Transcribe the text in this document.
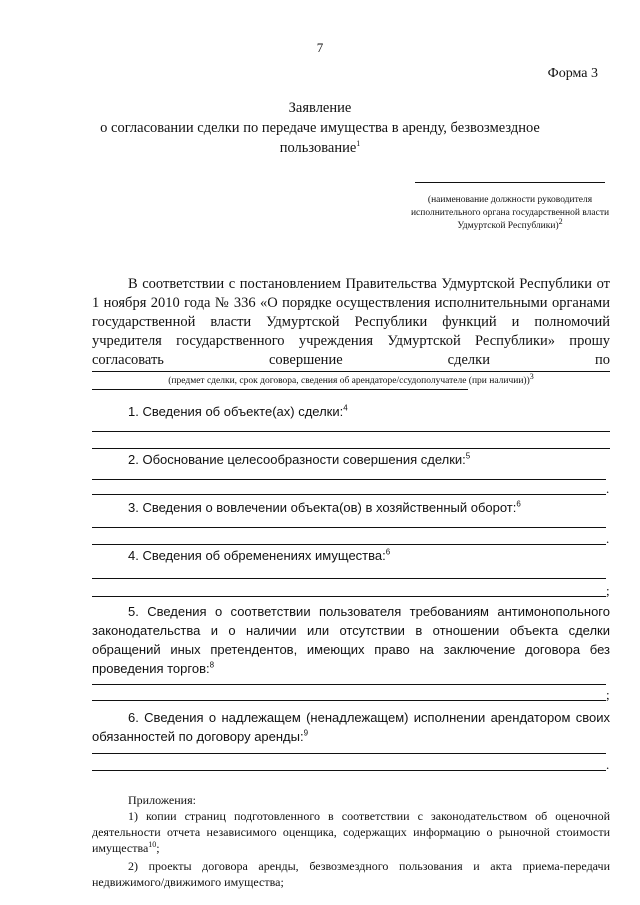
7
Форма 3
Заявление
о согласовании сделки по передаче имущества в аренду, безвозмездное
пользование$^1$
(наименование должности руководителя исполнительного органа государственной власти Удмуртской Республики)$^2$
В соответствии с постановлением Правительства Удмуртской Республики от 1 ноября 2010 года № 336 «О порядке осуществления исполнительными органами государственной власти Удмуртской Республики функций и полномочий учредителя государственного учреждения Удмуртской Республики» прошу согласовать совершение сделки по
(предмет сделки, срок договора, сведения об арендаторе/ссудополучателе (при наличии))$^3$
1. Сведения об объекте(ах) сделки:$^4$
2. Обоснование целесообразности совершения сделки:$^5$
.
3. Сведения о вовлечении объекта(ов) в хозяйственный оборот:$^6$
.
4. Сведения об обременениях имущества:$^6$
;
5. Сведения о соответствии пользователя требованиям антимонопольного законодательства и о наличии или отсутствии в отношении объекта сделки обращений иных претендентов, имеющих право на заключение договора без проведения торгов:$^8$
;
6. Сведения о надлежащем (ненадлежащем) исполнении арендатором своих обязанностей по договору аренды:$^9$
.
Приложения:
1) копии страниц подготовленного в соответствии с законодательством об оценочной деятельности отчета независимого оценщика, содержащих информацию о рыночной стоимости имущества$^{10}$;
2) проекты договора аренды, безвозмездного пользования и акта приема-передачи недвижимого/движимого имущества;
